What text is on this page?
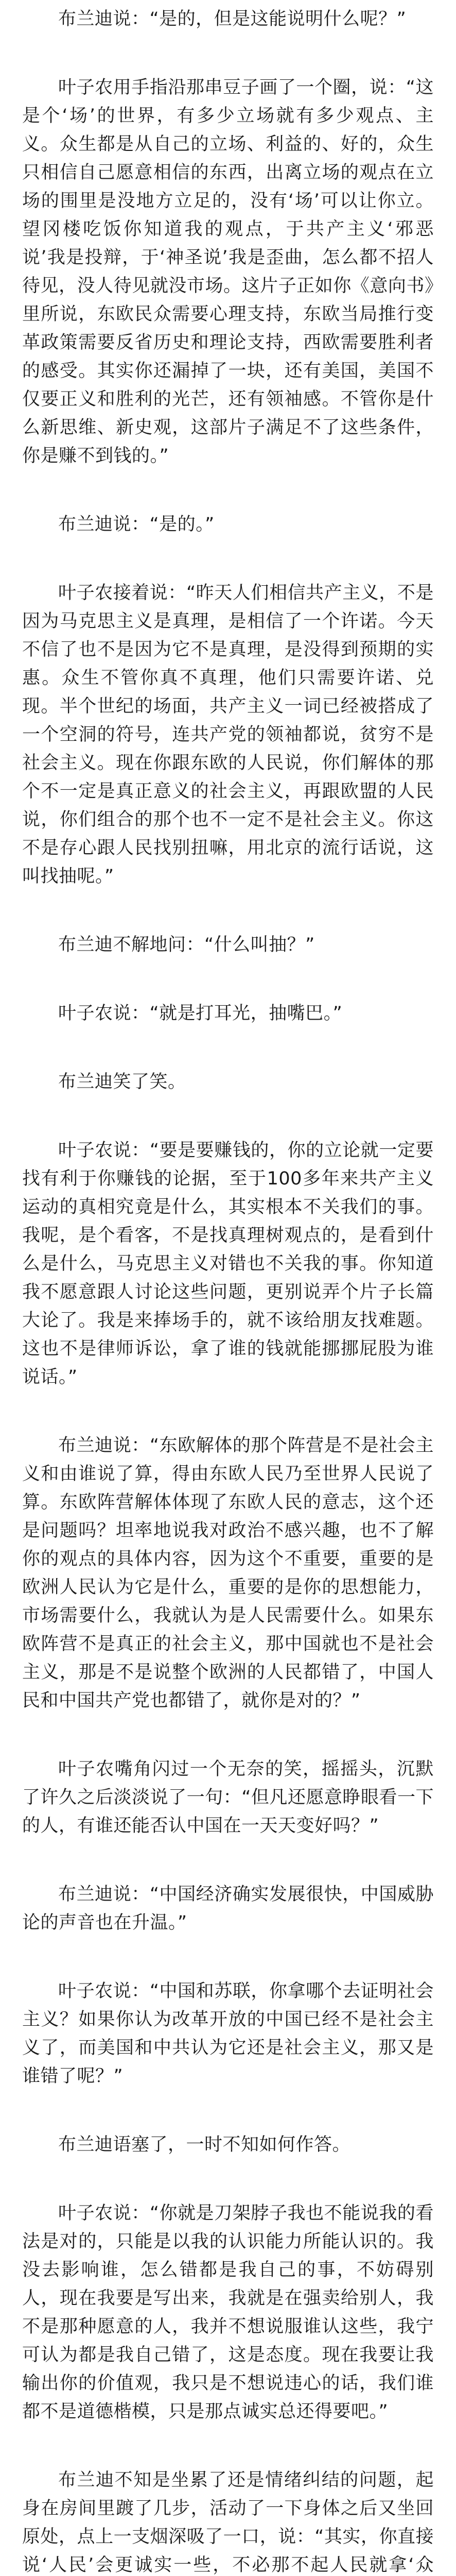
布兰迪说：“是的，但是这能说明什么呢？”

叶子农用手指沿那串豆子画了一个圈，说：“这是个‘场’的世界，有多少立场就有多少观点、主义。众生都是从自己的立场、利益的、好的，众生只相信自己愿意相信的东西，出离立场的观点在立场的围里是没地方立足的，没有‘场’可以让你立。望冈楼吃饭你知道我的观点，于共产主义‘邪恶说’我是投辩，于‘神圣说’我是歪曲，怎么都不招人待见，没人待见就没市场。这片子正如你《意向书》里所说，东欧民众需要心理支持，东欧当局推行变革政策需要反省历史和理论支持，西欧需要胜利者的感受。其实你还漏掉了一块，还有美国，美国不仅要正义和胜利的光芒，还有领袖感。不管你是什么新思维、新史观，这部片子满足不了这些条件，你是赚不到钱的。”

布兰迪说：“是的。”

叶子农接着说：“昨天人们相信共产主义，不是因为马克思主义是真理，是相信了一个许诺。今天不信了也不是因为它不是真理，是没得到预期的实惠。众生不管你真不真理，他们只需要许诺、兑现。半个世纪的场面，共产主义一词已经被搭成了一个空洞的符号，连共产党的领袖都说，贫穷不是社会主义。现在你跟东欧的人民说，你们解体的那个不一定是真正意义的社会主义，再跟欧盟的人民说，你们组合的那个也不一定不是社会主义。你这不是存心跟人民找别扭嘛，用北京的流行话说，这叫找抽呢。”

布兰迪不解地问：“什么叫抽？”

叶子农说：“就是打耳光，抽嘴巴。”

布兰迪笑了笑。

叶子农说：“要是要赚钱的，你的立论就一定要找有利于你赚钱的论据，至于100多年来共产主义运动的真相究竟是什么，其实根本不关我们的事。我呢，是个看客，不是找真理树观点的，是看到什么是什么，马克思主义对错也不关我的事。你知道我不愿意跟人讨论这些问题，更别说弄个片子长篇大论了。我是来捧场手的，就不该给朋友找难题。这也不是律师诉讼，拿了谁的钱就能挪挪屁股为谁说话。”

布兰迪说：“东欧解体的那个阵营是不是社会主义和由谁说了算，得由东欧人民乃至世界人民说了算。东欧阵营解体体现了东欧人民的意志，这个还是问题吗？坦率地说我对政治不感兴趣，也不了解你的观点的具体内容，因为这个不重要，重要的是欧洲人民认为它是什么，重要的是你的思想能力，市场需要什么，我就认为是人民需要什么。如果东欧阵营不是真正的社会主义，那中国就也不是社会主义，那是不是说整个欧洲的人民都错了，中国人民和中国共产党也都错了，就你是对的？”

叶子农嘴角闪过一个无奈的笑，摇摇头，沉默了许久之后淡淡说了一句：“但凡还愿意睁眼看一下的人，有谁还能否认中国在一天天变好吗？”

布兰迪说：“中国经济确实发展很快，中国威胁论的声音也在升温。”

叶子农说：“中国和苏联，你拿哪个去证明社会主义？如果你认为改革开放的中国已经不是社会主义了，而美国和中共认为它还是社会主义，那又是谁错了呢？”

布兰迪语塞了，一时不知如何作答。

叶子农说：“你就是刀架脖子我也不能说我的看法是对的，只能是以我的认识能力所能认识的。我没去影响谁，怎么错都是我自己的事，不妨碍别人，现在我要是写出来，我就是在强卖给别人，我不是那种愿意的人，我并不想说服谁认这些，我宁可认为都是我自己错了，这是态度。现在我要让我输出你的价值观，我只是不想说违心的话，我们谁都不是道德楷模，只是那点诚实总还得要吧。”

布兰迪不知是坐累了还是情绪纠结的问题，起身在房间里踱了几步，活动了一下身体之后又坐回原处，点上一支烟深吸了一口，说：“其实，你直接说‘人民’会更诚实一些，不必那不起人民就拿‘众
